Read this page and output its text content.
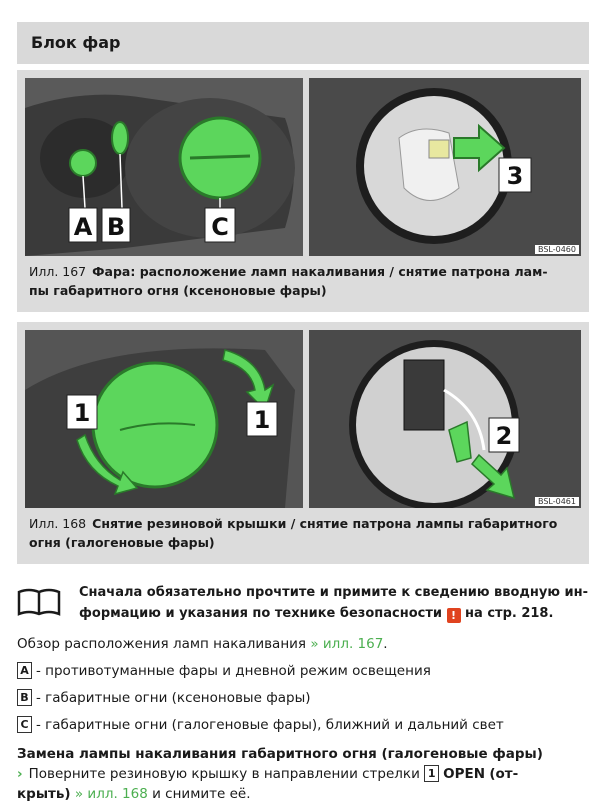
Блок фар
A B	C
3
BSL-0460
Илл. 167 Фара: расположение ламп накаливания / снятие патрона лам-
пы габаритного огня (ксеноновые фары)
1	1
2
BSL-0461
Илл. 168 Снятие резиновой крышки / снятие патрона лампы габаритного
огня (галогеновые фары)
Сначала обязательно прочтите и примите к сведению вводную ин-
формацию и указания по технике безопасности ! на стр. 218.
Обзор расположения ламп накаливания » илл. 167.
A - противотуманные фары и дневной режим освещения
B - габаритные огни (ксеноновые фары)
C - габаритные огни (галогеновые фары), ближний и дальний свет
Замена лампы накаливания габаритного огня (галогеновые фары)
› Поверните резиновую крышку в направлении стрелки 1 OPEN (от-
крыть) » илл. 168 и снимите её.
